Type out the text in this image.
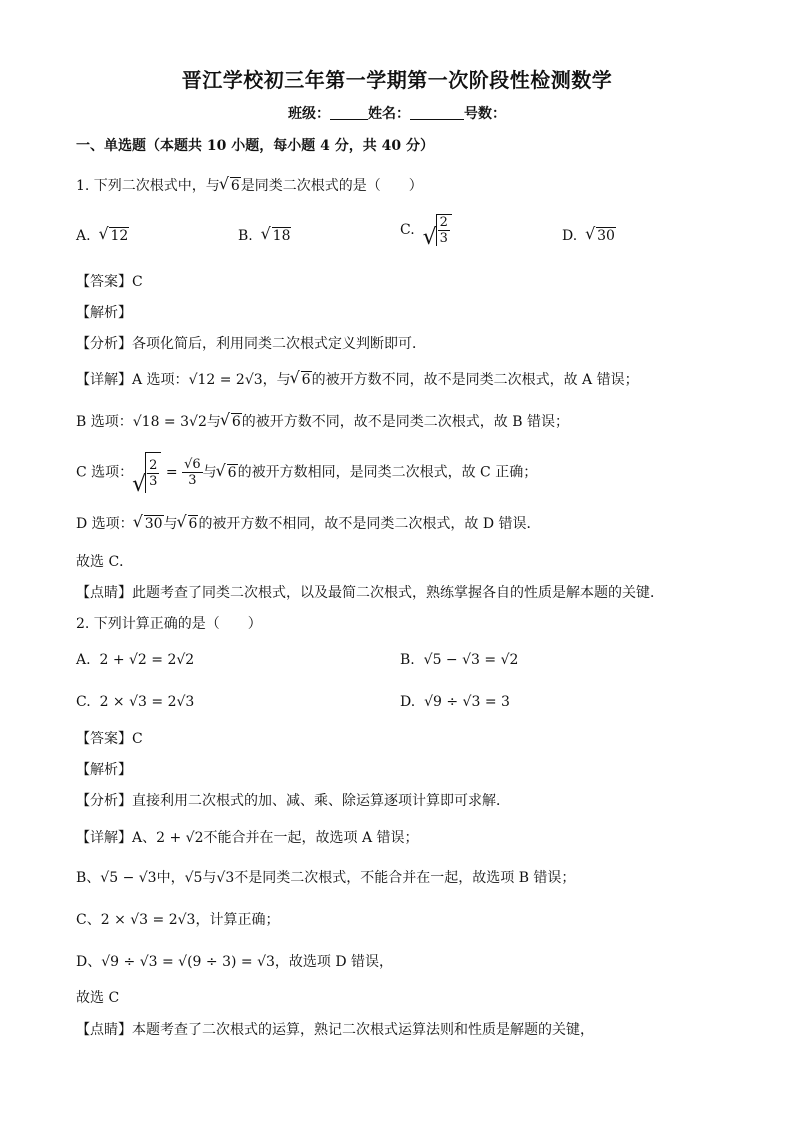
晋江学校初三年第一学期第一次阶段性检测数学
班级：	姓名：	号数：
一、单选题（本题共 10 小题，每小题 4 分，共 40 分）
1. 下列二次根式中，与 √ 6是同类二次根式的是（　　）
A. √ 12	B. √ 18	C. √ $\frac{2}{3}$	D. √ 30
【答案】C
【解析】
【分析】各项化简后，利用同类二次根式定义判断即可．
【详解】A 选项：√12 = 2√3，与 √ 6的被开方数不同，故不是同类二次根式，故 A 错误；
B 选项：√18 = 3√2与 √ 6的被开方数不同，故不是同类二次根式，故 B 错误；
C 选项： √ $\frac{2}{3} = \frac{√6}{3}$ 与 √ 6的被开方数相同，是同类二次根式，故 C 正确；
D 选项： √ 30与 √ 6的被开方数不相同，故不是同类二次根式，故 D 错误．
故选 C．
【点睛】此题考查了同类二次根式，以及最简二次根式，熟练掌握各自的性质是解本题的关键．
2. 下列计算正确的是（　　）
A. 2 + √2 = 2√2	B. √5 − √3 = √2
C. 2 × √3 = 2√3	D. √9 ÷ √3 = 3
【答案】C
【解析】
【分析】直接利用二次根式的加、减、乘、除运算逐项计算即可求解．
【详解】A、2 + √2不能合并在一起，故选项 A 错误；
B、√5 − √3中，√5与√3不是同类二次根式，不能合并在一起，故选项 B 错误；
C、2 × √3 = 2√3，计算正确；
D、√9 ÷ √3 = √(9 ÷ 3) = √3，故选项 D 错误，
故选 C
【点睛】本题考查了二次根式的运算，熟记二次根式运算法则和性质是解题的关键，
